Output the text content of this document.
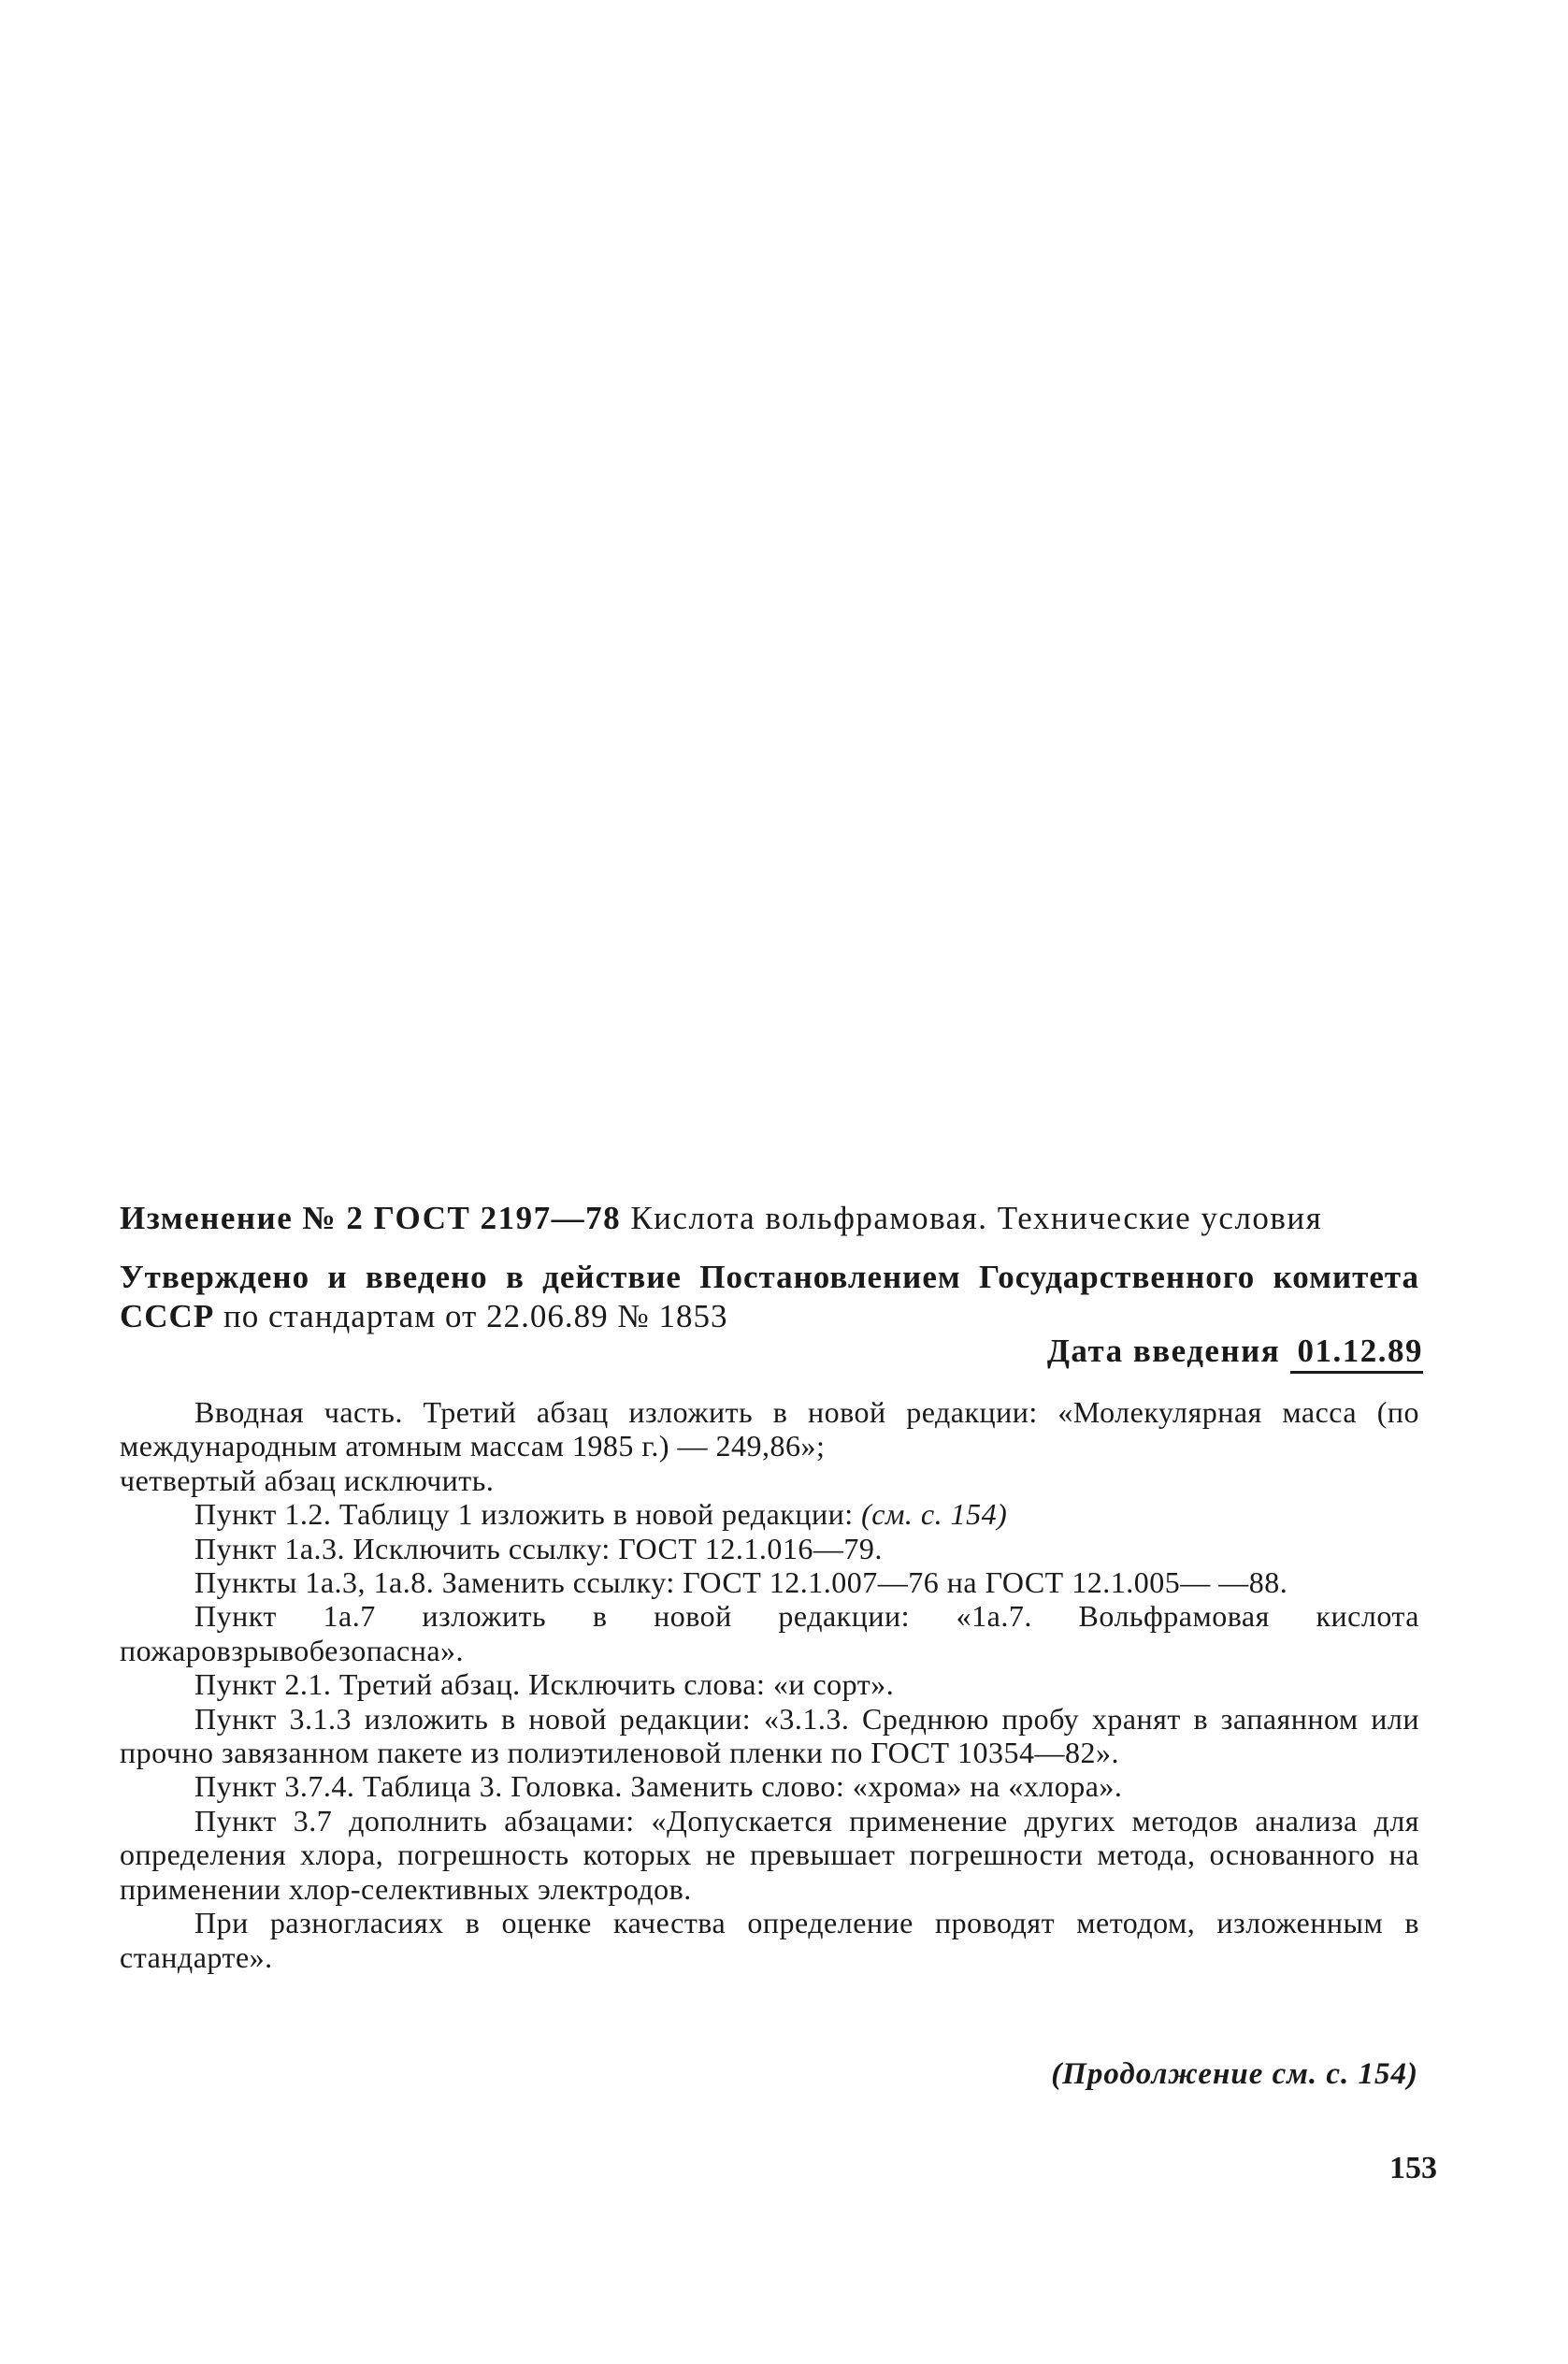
Изменение № 2 ГОСТ 2197—78 Кислота вольфрамовая. Технические условия
Утверждено и введено в действие Постановлением Государственного комитета СССР по стандартам от 22.06.89 № 1853
Дата введения 01.12.89

Вводная часть. Третий абзац изложить в новой редакции: «Молекулярная масса (по международным атомным массам 1985 г.) — 249,86»;

четвертый абзац исключить.

Пункт 1.2. Таблицу 1 изложить в новой редакции: (см. с. 154)

Пункт 1а.3. Исключить ссылку: ГОСТ 12.1.016—79.

Пункты 1а.3, 1а.8. Заменить ссылку: ГОСТ 12.1.007—76 на ГОСТ 12.1.005— —88.

Пункт 1а.7 изложить в новой редакции: «1а.7. Вольфрамовая кислота пожаровзрывобезопасна».

Пункт 2.1. Третий абзац. Исключить слова: «и сорт».

Пункт 3.1.3 изложить в новой редакции: «3.1.3. Среднюю пробу хранят в запаянном или прочно завязанном пакете из полиэтиленовой пленки по ГОСТ 10354—82».

Пункт 3.7.4. Таблица 3. Головка. Заменить слово: «хрома» на «хлора».

Пункт 3.7 дополнить абзацами: «Допускается применение других методов анализа для определения хлора, погрешность которых не превышает погрешности метода, основанного на применении хлор-селективных электродов.

При разногласиях в оценке качества определение проводят методом, изложенным в стандарте».

(Продолжение см. с. 154)
153
